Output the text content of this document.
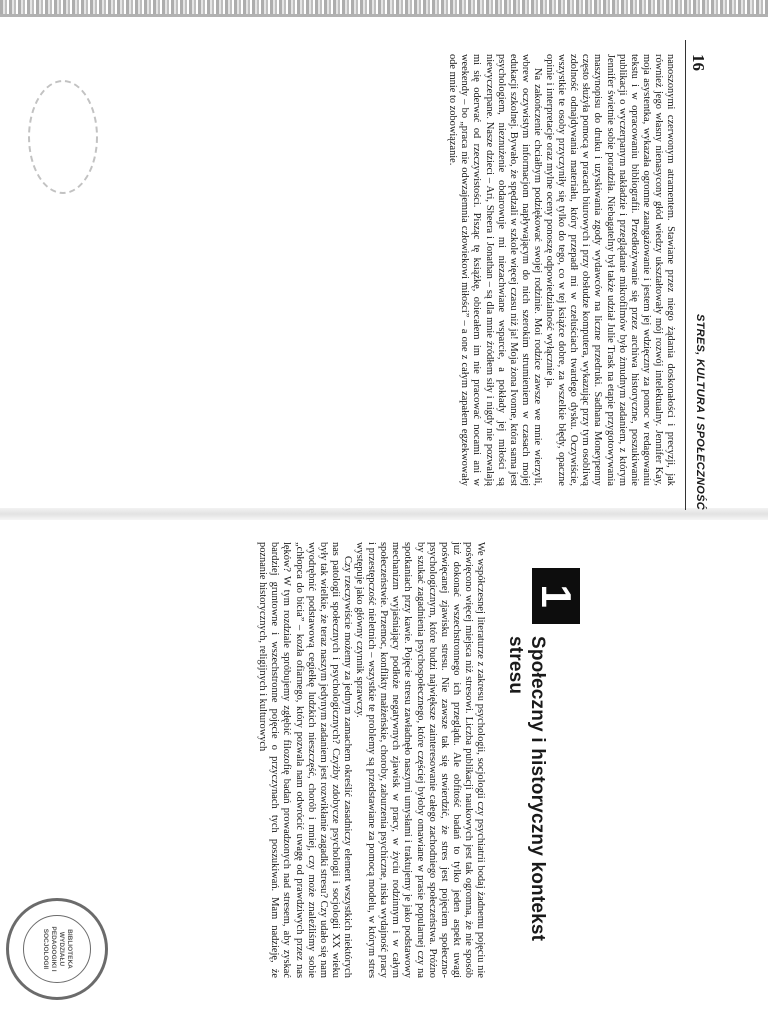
16
STRES, KULTURA I SPOŁECZNOŚĆ

nanoszonymi czerwonym atramentem. Stawiane przez niego żądania doskonałości i precyzji, jak również jego własny nienasycony głód wiedzy ukształtowały mój rozwój intelektualny. Jennifer Kay, moja asystentka, wykazała ogromne zaangażowanie i jestem jej wdzięczny za pomoc w redagowaniu tekstu i w opracowaniu bibliografii. Przedłożywanie się przez archiwa historyczne, poszukiwanie publikacji o wyczerpanym nakładzie i przeglądanie mikrofilmów było żmudnym zadaniem, z którym Jennifer świetnie sobie poradziła. Niebagatelny był także udział Julie Trask na etapie przygotowywania maszynopisu do druku i uzyskiwania zgody wydawców na liczne przedruki. Sadhana Moneypenny często służyła pomocą w pracach biurowych i przy obsłudze komputera, wykazując przy tym osobliwą zdolność odnajdywania materiału, który przepadł mi w czeluściach twardego dysku. Oczywiście, wszystkie te osoby przyczyniły się tylko do tego, co w tej książce dobre, za wszelkie błędy, opaczne opinie i interpretacje oraz mylne oceny ponoszę odpowiedzialność wyłącznie ja.

Na zakończenie chciałbym podziękować swojej rodzinie. Moi rodzice zawsze we mnie wierzyli, wbrew oczywistym informacjom napływającym do nich szerokim strumieniem w czasach mojej edukacji szkolnej. Bywało, że spędzali w szkole więcej czasu niż ja! Moja żona Ivonne, która sama jest psychologiem, nieznużenie obdarowuje mi niezachwiane wsparcie, a pokłady jej miłości są niewyczerpane. Nasze dzieci – Ari, Sheera i Jonathan – są dla mnie źródłem siły i nigdy nie pozwalają mi się oderwać od rzeczywistości. Pisząc tę książkę, obiecałem im nie pracować nocami ani w weekendy – bo „praca nie odwzajemnia człowiekowi miłości” – a one z całym zapałem egzekwowały ode mnie to zobowiązanie.

1
Społeczny i historyczny kontekst stresu

We współczesnej literaturze z zakresu psychologii, socjologii czy psychiatrii bodaj żadnemu pojęciu nie poświęcono więcej miejsca niż stresowi. Liczba publikacji naukowych jest tak ogromna, że nie sposób już dokonać wszechstronnego ich przeglądu. Ale obfitość badań to tylko jeden aspekt uwagi poświęcanej zjawisku stresu. Nie zawsze tak się stwierdzić, że stres jest pojęciem społeczno-psychologicznym, które budzi największe zainteresowanie całego zachodniego społeczeństwa. Próżno by szukać zagadnienia psychospołecznego, które częściej byłoby omawiane w prasie popularnej czy na spotkaniach przy kawie. Pojęcie stresu zawładnęło naszymi umysłami i traktujemy je jako podstawowy mechanizm wyjaśniający podłoże negatywnych zjawisk w pracy, w życiu rodzinnym i w całym społeczeństwie. Przemoc, konflikty małżeńskie, choroby, zaburzenia psychiczne, niska wydajność pracy i przestępczość nieletnich – wszystkie te problemy są przedstawiane za pomocą modelu, w którym stres występuje jako główny czynnik sprawczy.

Czy rzeczywiście możemy za jednym zamachem określić zasadniczy element wszystkich niektórych nas patologii społecznych i psychologicznych? Czyżby zdobycze psychologii i socjologii XX wieku były tak wielkie, że teraz naszym jedynym zadaniem jest rozwikłanie zagadki stresu? Czy udało się nam wyodrębnić podstawową cegiełkę ludzkich nieszczęść, chorób i mniej, czy może znaleźliśmy sobie „chłopca do bicia” – kozła ofiarnego, który pozwala nam odwrócić uwagę od prawdziwych przez nas lęków? W tym rozdziale spróbujemy zgłębić filozofię badań prowadzonych nad stresem, aby zyskać bardziej gruntowne i wszechstronne pojęcie o przyczynach tych poszukiwań. Mam nadzieję, że poznanie historycznych, religijnych i kulturowych

BIBLIOTEKA WYDZIAŁU PEDAGOGIKI I SOCJOLOGII
